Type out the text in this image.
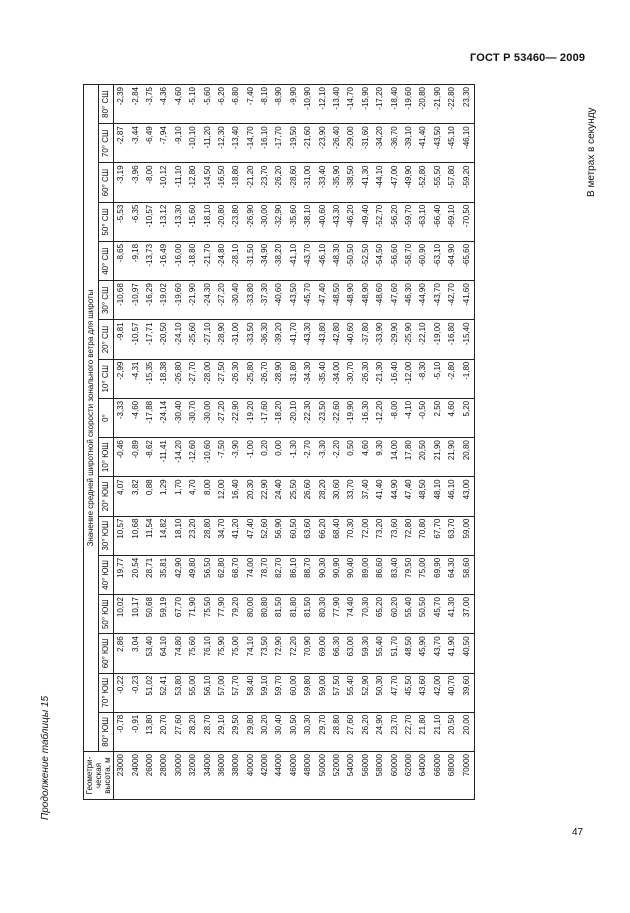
ГОСТ Р 53460— 2009
Продолжение таблицы 15
В метрах в секунду
Геометри- ческая высота, м	Значение средней широтной скорости зонального ветра для широты																
	80° ЮШ	70° ЮШ	60° ЮШ	50° ЮШ	40° ЮШ	30° ЮШ	20° ЮШ	10° ЮШ	0°	10° СШ	20° СШ	30° СШ	40° СШ	50° СШ	60° СШ	70° СШ	80° СШ
23000	-0,78	-0,22	2,86	10,02	19,77	10,57	4,07	-0,46	-3,33	-2,99	-9,81	-10,68	-8,65	-5,53	-3,19	-2,87	-2,39
24000	-0,91	-0,23	3,04	10,17	20,54	10,68	3,82	-0,89	-4,60	-4,31	-10,57	-10,97	-9,18	-6,35	-3,96	-3,44	-2,84
26000	13,80	51,02	53,40	50,68	28,71	11,54	0,88	-8,62	-17,88	-15,35	-17,71	-16,29	-13,73	-10,57	-8,00	-6,49	-3,75
28000	20,70	52,41	64,10	59,19	35,81	14,82	1,29	-11,41	-24,14	-18,38	-20,50	-19,02	-16,49	-13,12	-10,12	-7,94	-4,36
30000	27,60	53,80	74,80	67,70	42,90	18,10	1,70	-14,20	-30,40	-26,80	-24,10	-19,60	-16,00	-13,30	-11,10	-9,10	-4,60
32000	28,20	55,00	75,60	71,90	49,80	23,20	4,70	-12,60	-30,70	-27,70	-25,60	-21,90	-18,80	-15,60	-12,80	-10,10	-5,10
34000	28,70	56,10	76,10	75,50	56,50	28,80	8,00	-10,60	-30,00	-28,00	-27,10	-24,30	-21,70	-18,10	-14,50	-11,20	-5,60
36000	29,10	57,00	75,90	77,90	62,80	34,70	12,00	-7,50	-27,20	-27,50	-28,90	-27,20	-24,80	-20,80	-16,50	-12,30	-6,20
38000	29,50	57,70	75,00	79,20	68,70	41,20	16,40	-3,90	-22,90	-26,30	-31,00	-30,40	-28,10	-23,80	-18,80	-13,40	-6,80
40000	29,80	58,40	74,10	80,00	74,00	47,40	20,30	-1,00	-19,20	-25,80	-33,50	-33,80	-31,50	-26,90	-21,20	-14,70	-7,40
42000	30,20	59,10	73,50	80,80	78,70	52,60	22,90	0,20	-17,60	-26,70	-36,30	-37,30	-34,90	-30,00	-23,70	-16,10	-8,10
44000	30,40	59,70	72,90	81,50	82,70	56,90	24,40	0,00	-18,20	-28,90	-39,20	-40,60	-38,20	-32,90	-26,20	-17,70	-8,90
46000	30,50	60,00	72,20	81,80	86,10	60,50	25,50	-1,30	-20,10	-31,80	-41,70	-43,50	-41,10	-35,60	-28,60	-19,50	-9,90
48000	30,30	59,80	70,90	81,50	88,70	63,60	26,60	-2,70	-22,30	-34,30	-43,30	-45,70	-43,70	-38,10	-31,00	-21,60	-10,90
50000	29,70	59,00	69,00	80,30	90,30	66,20	28,20	-3,30	-23,50	-35,40	-43,80	-47,40	-46,10	-40,60	-33,40	-23,90	-12,10
52000	28,80	57,50	66,30	77,90	90,90	68,40	30,60	-2,20	-22,60	-34,00	-42,80	-48,50	-48,30	-43,30	-35,90	-26,40	-13,40
54000	27,60	55,40	63,00	74,40	90,40	70,30	33,70	0,50	-19,90	-30,70	-40,60	-48,90	-50,50	-46,20	-38,50	-29,00	-14,70
56000	26,20	52,90	59,30	70,30	89,00	72,00	37,40	4,60	-16,30	-26,30	-37,80	-48,90	-52,50	-49,40	-41,30	-31,60	-15,90
58000	24,90	50,30	55,40	65,20	86,60	73,20	41,40	9,30	-12,20	-21,30	-33,90	-48,60	-54,50	-52,70	-44,10	-34,20	-17,20
60000	23,70	47,70	51,70	60,20	83,40	73,60	44,90	14,00	-8,00	-16,40	-29,90	-47,60	-56,60	-56,20	-47,00	-36,70	-18,40
62000	22,70	45,50	48,50	55,40	79,50	72,80	47,40	17,80	-4,10	-12,00	-25,90	-46,30	-58,70	-59,70	-49,90	-39,10	-19,60
64000	21,80	43,60	45,90	50,50	75,00	70,80	48,50	20,50	-0,50	-8,30	-22,10	-44,90	-60,90	-63,10	-52,80	-41,40	-20,80
66000	21,10	42,00	43,70	45,70	69,90	67,70	48,10	21,90	2,50	-5,10	-19,00	-43,70	-63,10	-66,40	-55,50	-43,50	-21,90
68000	20,50	40,70	41,90	41,30	64,30	63,70	46,10	21,90	4,60	-2,80	-16,80	-42,70	-64,90	-69,10	-57,80	-45,10	-22,80
70000	20,00	39,60	40,50	37,00	58,60	59,00	43,00	20,80	5,20	-1,80	-15,40	-41,60	-65,60	-70,50	-59,20	-46,10	23,30
47
